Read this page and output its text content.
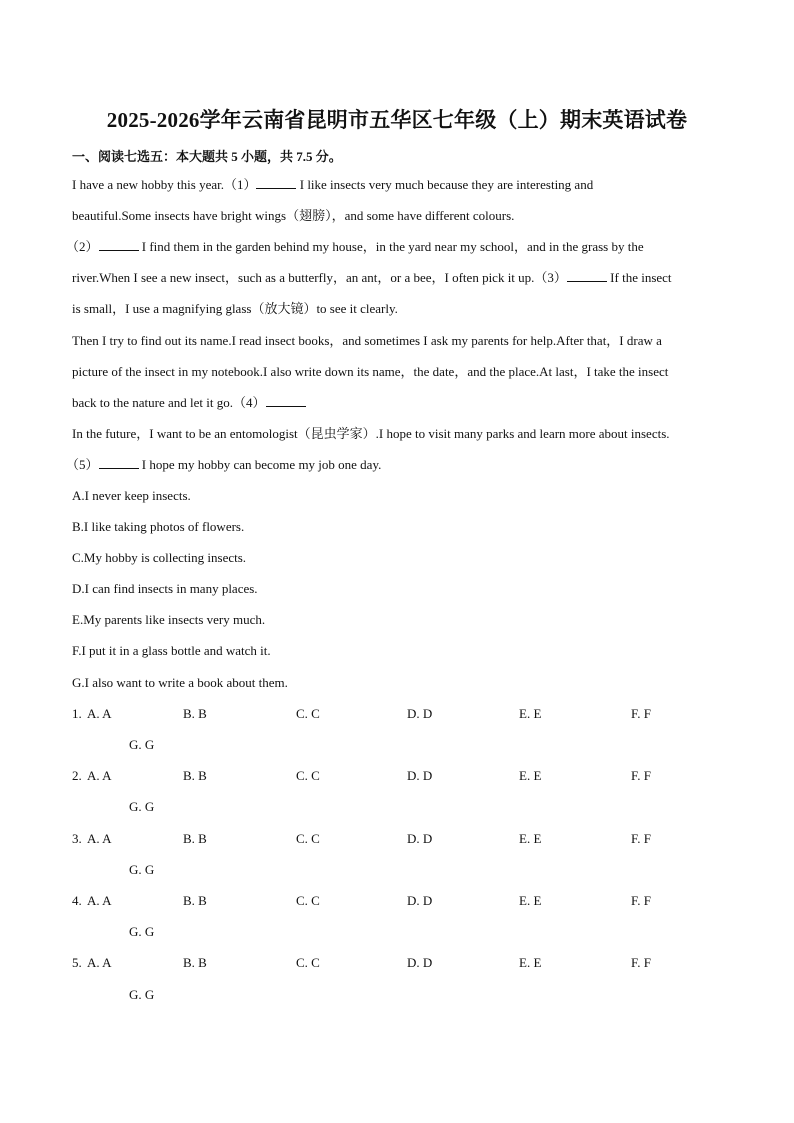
2025-2026学年云南省昆明市五华区七年级（上）期末英语试卷
一、阅读七选五：本大题共 5 小题，共 7.5 分。
I have a new hobby this year.（1）	I like insects very much because they are interesting and
beautiful.Some insects have bright wings（翅膀），and some have different colours.
（2）	I find them in the garden behind my house，in the yard near my school，and in the grass by the
river.When I see a new insect，such as a butterfly，an ant，or a bee，I often pick it up.（3）	If the insect
is small，I use a magnifying glass（放大镜）to see it clearly.
Then I try to find out its name.I read insect books，and sometimes I ask my parents for help.After that，I draw a
picture of the insect in my notebook.I also write down its name，the date，and the place.At last，I take the insect
back to the nature and let it go.（4）
In the future，I want to be an entomologist（昆虫学家）.I hope to visit many parks and learn more about insects.
（5）	I hope my hobby can become my job one day.
A.I never keep insects.
B.I like taking photos of flowers.
C.My hobby is collecting insects.
D.I can find insects in many places.
E.My parents like insects very much.
F.I put it in a glass bottle and watch it.
G.I also want to write a book about them.
1. A. A	B. B	C. C	D. D	E. E	F. F
G. G
2. A. A	B. B	C. C	D. D	E. E	F. F
G. G
3. A. A	B. B	C. C	D. D	E. E	F. F
G. G
4. A. A	B. B	C. C	D. D	E. E	F. F
G. G
5. A. A	B. B	C. C	D. D	E. E	F. F
G. G
